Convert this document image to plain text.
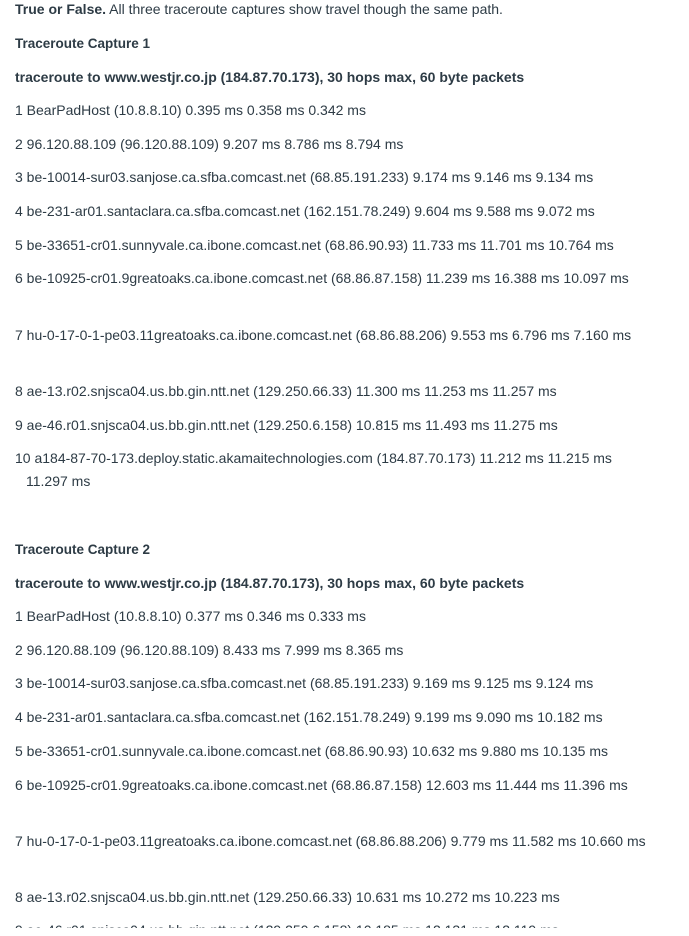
True or False. All three traceroute captures show travel though the same path.
Traceroute Capture 1
traceroute to www.westjr.co.jp (184.87.70.173), 30 hops max, 60 byte packets
1 BearPadHost (10.8.8.10) 0.395 ms 0.358 ms 0.342 ms
2 96.120.88.109 (96.120.88.109) 9.207 ms 8.786 ms 8.794 ms
3 be-10014-sur03.sanjose.ca.sfba.comcast.net (68.85.191.233) 9.174 ms 9.146 ms 9.134 ms
4 be-231-ar01.santaclara.ca.sfba.comcast.net (162.151.78.249) 9.604 ms 9.588 ms 9.072 ms
5 be-33651-cr01.sunnyvale.ca.ibone.comcast.net (68.86.90.93) 11.733 ms 11.701 ms 10.764 ms
6 be-10925-cr01.9greatoaks.ca.ibone.comcast.net (68.86.87.158) 11.239 ms 16.388 ms 10.097 ms
7 hu-0-17-0-1-pe03.11greatoaks.ca.ibone.comcast.net (68.86.88.206) 9.553 ms 6.796 ms 7.160 ms
8 ae-13.r02.snjsca04.us.bb.gin.ntt.net (129.250.66.33) 11.300 ms 11.253 ms 11.257 ms
9 ae-46.r01.snjsca04.us.bb.gin.ntt.net (129.250.6.158) 10.815 ms 11.493 ms 11.275 ms
10 a184-87-70-173.deploy.static.akamaitechnologies.com (184.87.70.173) 11.212 ms 11.215 ms
11.297 ms
Traceroute Capture 2
traceroute to www.westjr.co.jp (184.87.70.173), 30 hops max, 60 byte packets
1 BearPadHost (10.8.8.10) 0.377 ms 0.346 ms 0.333 ms
2 96.120.88.109 (96.120.88.109) 8.433 ms 7.999 ms 8.365 ms
3 be-10014-sur03.sanjose.ca.sfba.comcast.net (68.85.191.233) 9.169 ms 9.125 ms 9.124 ms
4 be-231-ar01.santaclara.ca.sfba.comcast.net (162.151.78.249) 9.199 ms 9.090 ms 10.182 ms
5 be-33651-cr01.sunnyvale.ca.ibone.comcast.net (68.86.90.93) 10.632 ms 9.880 ms 10.135 ms
6 be-10925-cr01.9greatoaks.ca.ibone.comcast.net (68.86.87.158) 12.603 ms 11.444 ms 11.396 ms
7 hu-0-17-0-1-pe03.11greatoaks.ca.ibone.comcast.net (68.86.88.206) 9.779 ms 11.582 ms 10.660 ms
8 ae-13.r02.snjsca04.us.bb.gin.ntt.net (129.250.66.33) 10.631 ms 10.272 ms 10.223 ms
